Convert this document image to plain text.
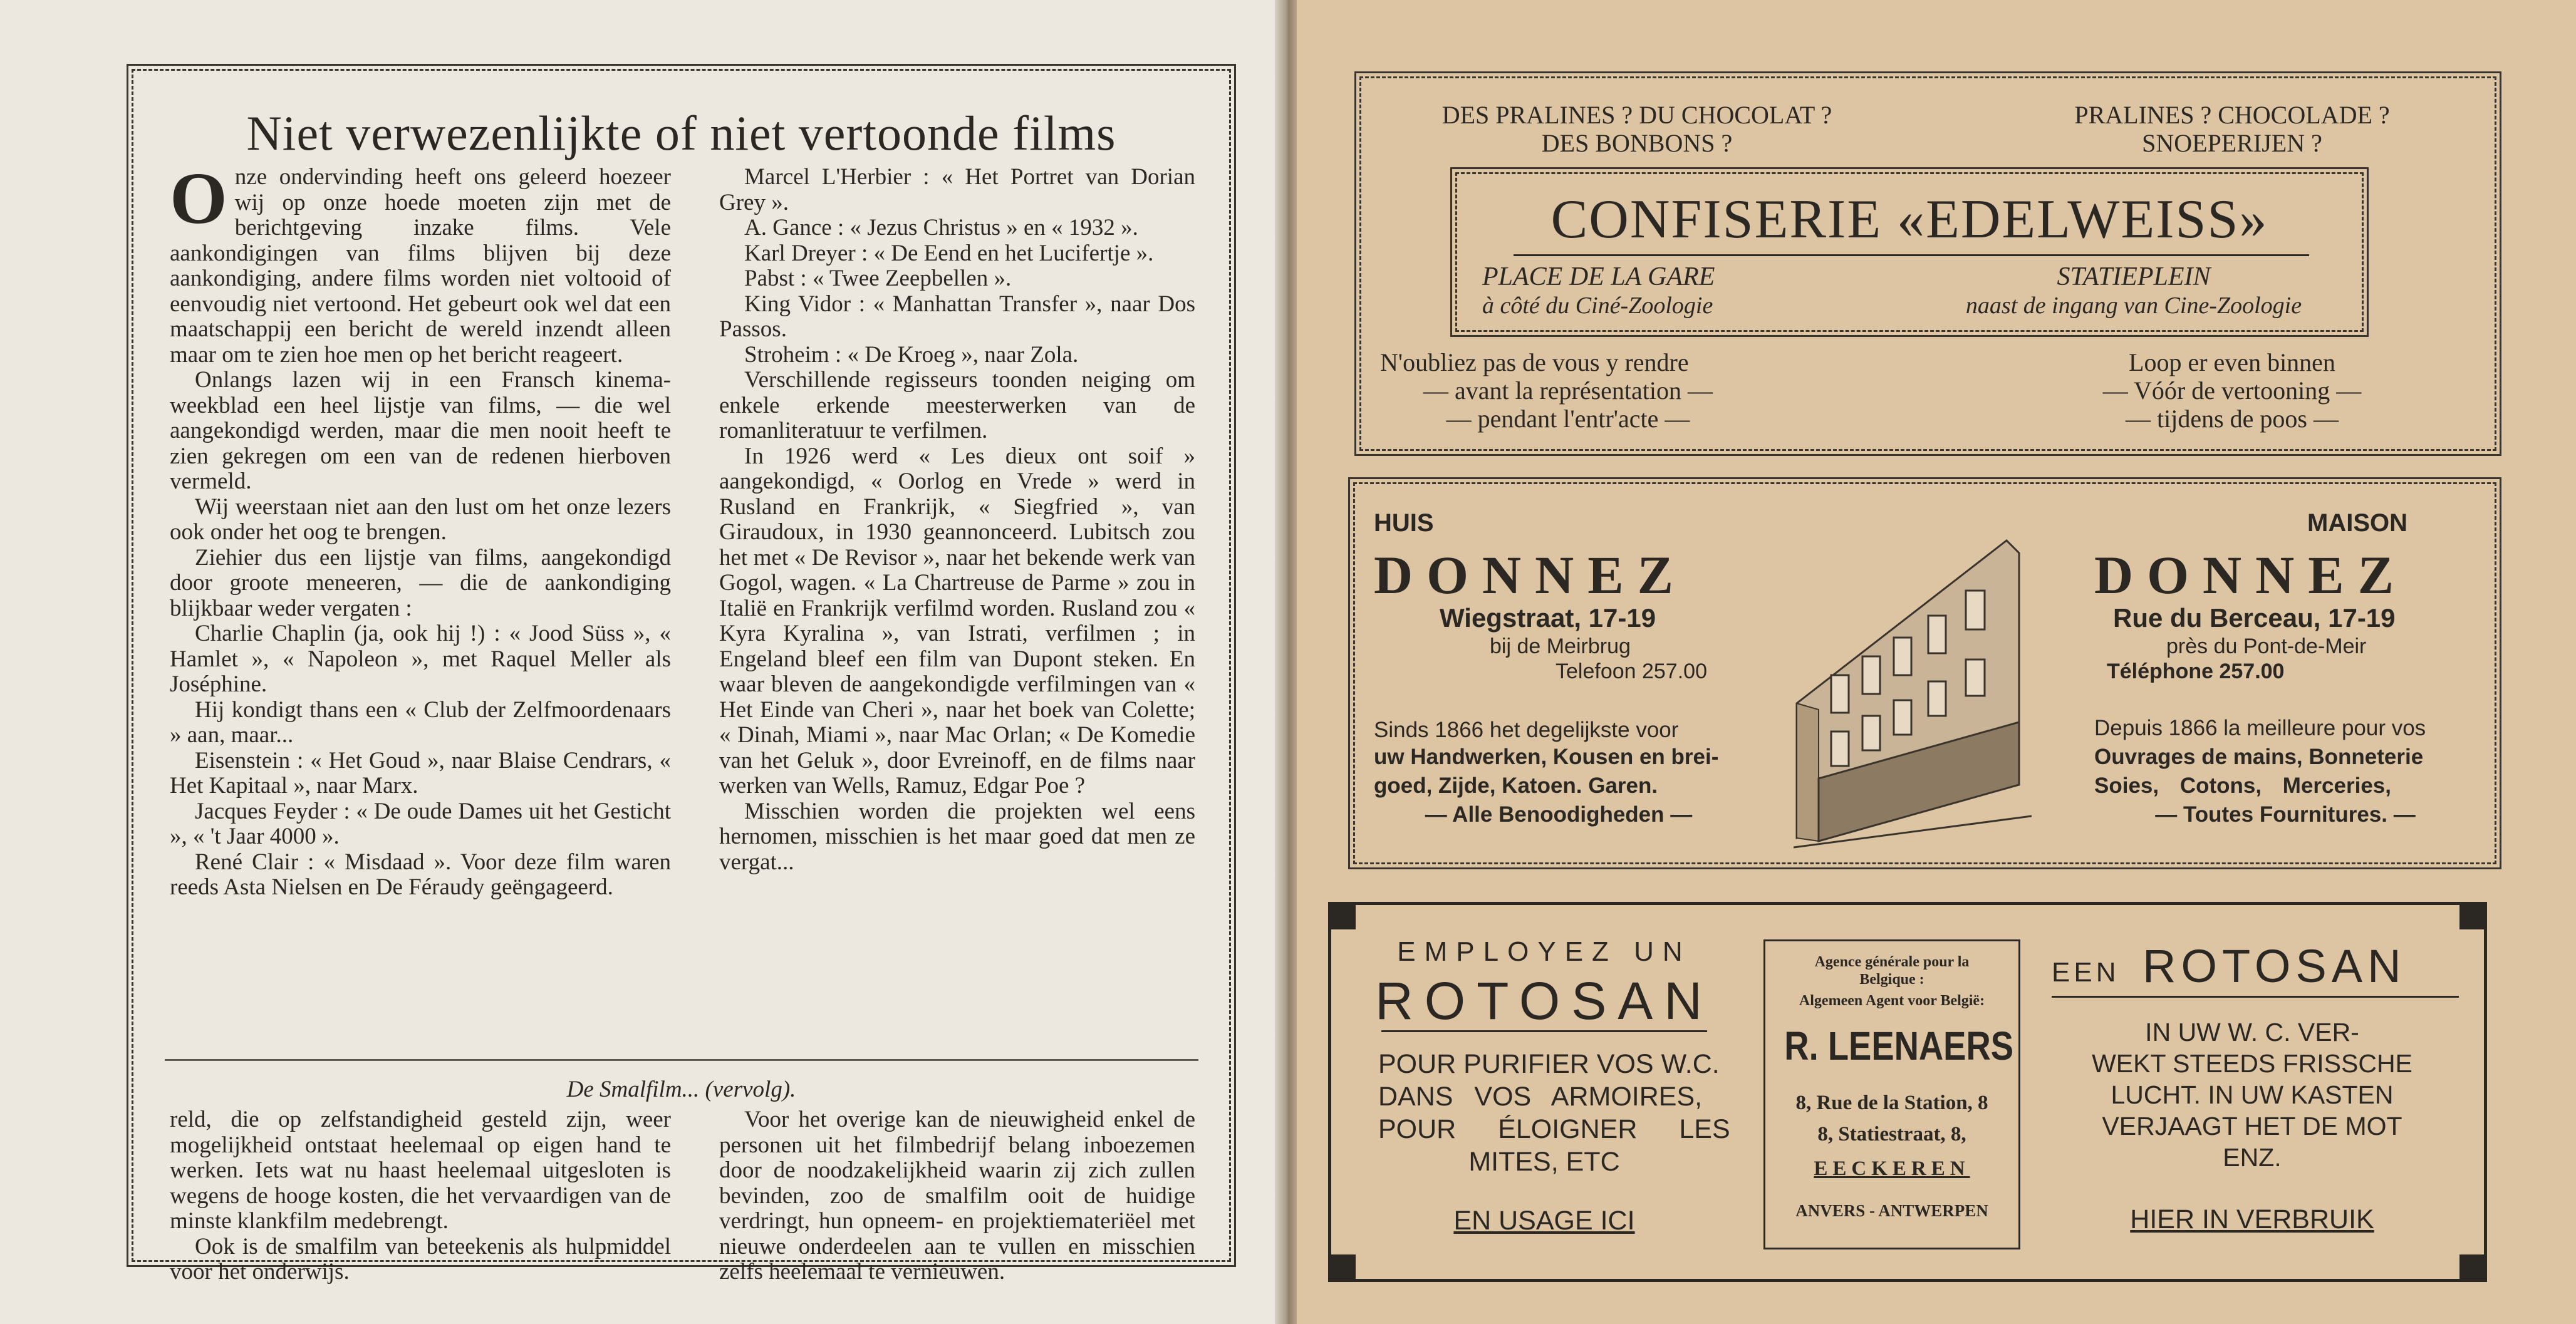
Niet verwezenlijkte of niet vertoonde films

Onze ondervinding heeft ons geleerd hoezeer wij op onze hoede moeten zijn met de berichtgeving inzake films. Vele aankondigingen van films blijven bij deze aankondiging, andere films worden niet voltooid of eenvoudig niet vertoond. Het gebeurt ook wel dat een maatschappij een bericht de wereld inzendt alleen maar om te zien hoe men op het bericht reageert.

Onlangs lazen wij in een Fransch kinema-weekblad een heel lijstje van films, — die wel aangekondigd werden, maar die men nooit heeft te zien gekregen om een van de redenen hierboven vermeld.

Wij weerstaan niet aan den lust om het onze lezers ook onder het oog te brengen.

Ziehier dus een lijstje van films, aangekondigd door groote meneeren, — die de aankondiging blijkbaar weder vergaten :

Charlie Chaplin (ja, ook hij !) : « Jood Süss », « Hamlet », « Napoleon », met Raquel Meller als Joséphine.

Hij kondigt thans een « Club der Zelfmoordenaars » aan, maar...

Eisenstein : « Het Goud », naar Blaise Cendrars, « Het Kapitaal », naar Marx.

Jacques Feyder : « De oude Dames uit het Gesticht », « 't Jaar 4000 ».

René Clair : « Misdaad ». Voor deze film waren reeds Asta Nielsen en De Féraudy geëngageerd.

Marcel L'Herbier : « Het Portret van Dorian Grey ».

A. Gance : « Jezus Christus » en « 1932 ».

Karl Dreyer : « De Eend en het Lucifertje ».

Pabst : « Twee Zeepbellen ».

King Vidor : « Manhattan Transfer », naar Dos Passos.

Stroheim : « De Kroeg », naar Zola.

Verschillende regisseurs toonden neiging om enkele erkende meesterwerken van de romanliteratuur te verfilmen.

In 1926 werd « Les dieux ont soif » aangekondigd, « Oorlog en Vrede » werd in Rusland en Frankrijk, « Siegfried », van Giraudoux, in 1930 geannonceerd. Lubitsch zou het met « De Revisor », naar het bekende werk van Gogol, wagen. « La Chartreuse de Parme » zou in Italië en Frankrijk verfilmd worden. Rusland zou « Kyra Kyralina », van Istrati, verfilmen ; in Engeland bleef een film van Dupont steken. En waar bleven de aangekondigde verfilmingen van « Het Einde van Cheri », naar het boek van Colette; « Dinah, Miami », naar Mac Orlan; « De Komedie van het Geluk », door Evreinoff, en de films naar werken van Wells, Ramuz, Edgar Poe ?

Misschien worden die projekten wel eens hernomen, misschien is het maar goed dat men ze vergat...

De Smalfilm... (vervolg).

reld, die op zelfstandigheid gesteld zijn, weer mogelijkheid ontstaat heelemaal op eigen hand te werken. Iets wat nu haast heelemaal uitgesloten is wegens de hooge kosten, die het vervaardigen van de minste klankfilm medebrengt.

Ook is de smalfilm van beteekenis als hulpmiddel voor het onderwijs.

Voor het overige kan de nieuwigheid enkel de personen uit het filmbedrijf belang inboezemen door de noodzakelijkheid waarin zij zich zullen bevinden, zoo de smalfilm ooit de huidige verdringt, hun opneem- en projektiemateriëel met nieuwe onderdeelen aan te vullen en misschien zelfs heelemaal te vernieuwen.

DES PRALINES ? DU CHOCOLAT ?
DES BONBONS ?
PRALINES ? CHOCOLADE ?
SNOEPERIJEN ?
CONFISERIE «EDELWEISS»
PLACE DE LA GARE
à côté du Ciné-Zoologie
STATIEPLEIN
naast de ingang van Cine-Zoologie
N'oubliez pas de vous y rendre
— avant la représentation —
— pendant l'entr'acte —
Loop er even binnen
— Vóór de vertooning —
— tijdens de poos —
HUIS	MAISON
DONNEZ	DONNEZ
Wiegstraat, 17-19
bij de Meirbrug
Telefoon 257.00
Rue du Berceau, 17-19
près du Pont-de-Meir
Téléphone 257.00
Sinds 1866 het degelijkste voor
uw Handwerken, Kousen en brei-
goed, Zijde, Katoen. Garen.
— Alle Benoodigheden —
Depuis 1866 la meilleure pour vos
Ouvrages de mains, Bonneterie
Soies, Cotons, Merceries,
— Toutes Fournitures. —
EMPLOYEZ UN
ROTOSAN
POUR PURIFIER VOS W.C.
DANS VOS ARMOIRES,
POUR ÉLOIGNER LES
MITES, ETC
EN USAGE ICI
Agence générale pour la
Belgique :
Algemeen Agent voor België:
R. LEENAERS
8, Rue de la Station, 8
8, Statiestraat, 8,
EECKEREN
ANVERS - ANTWERPEN
EEN ROTOSAN
IN UW W. C. VER-
WEKT STEEDS FRISSCHE
LUCHT. IN UW KASTEN
VERJAAGT HET DE MOT
ENZ.
HIER IN VERBRUIK
